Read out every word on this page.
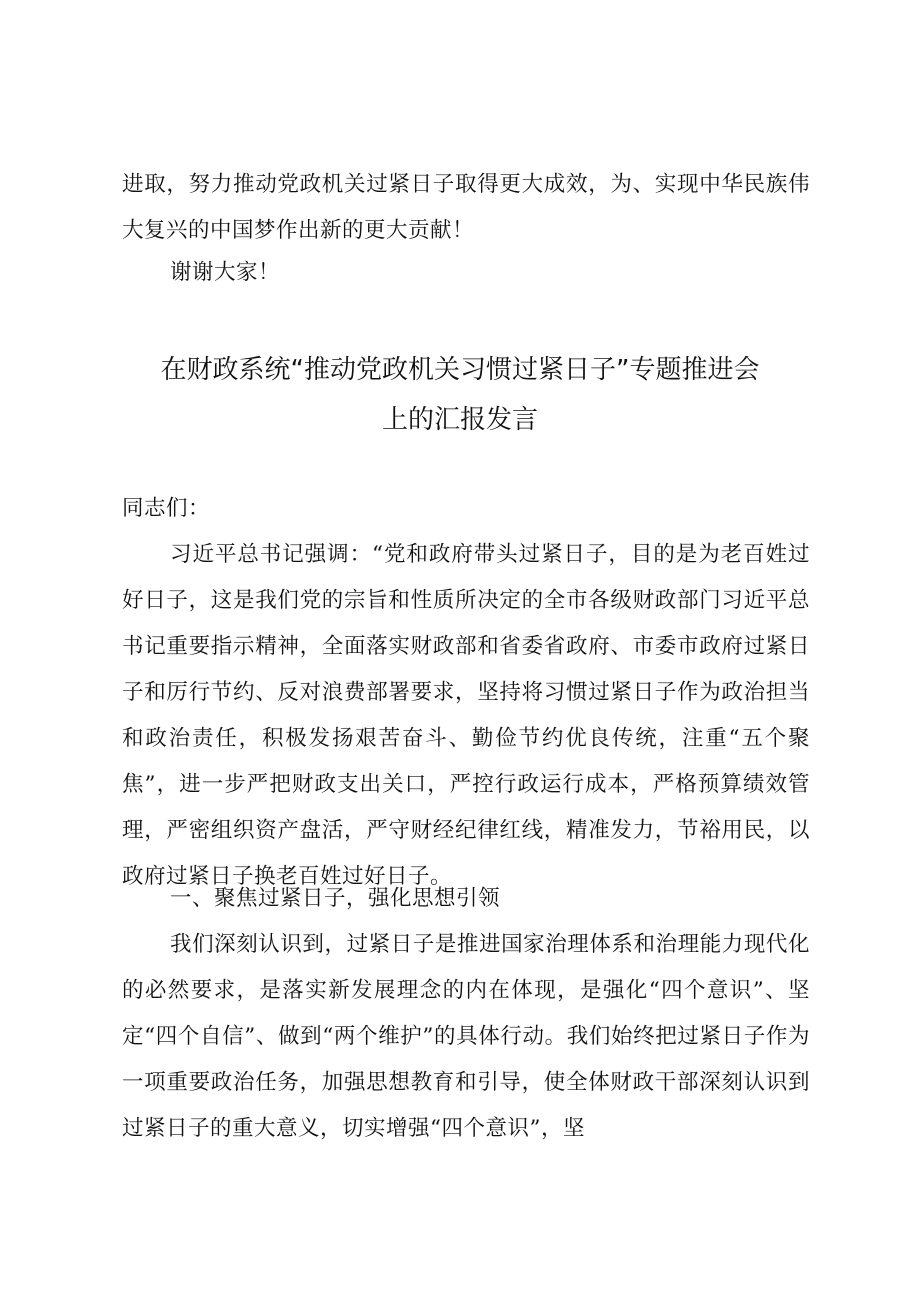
进取，努力推动党政机关过紧日子取得更大成效，为、实现中华民族伟大复兴的中国梦作出新的更大贡献！

谢谢大家！

在财政系统“推动党政机关习惯过紧日子”专题推进会
上的汇报发言

同志们：

习近平总书记强调：“党和政府带头过紧日子，目的是为老百姓过好日子，这是我们党的宗旨和性质所决定的全市各级财政部门习近平总书记重要指示精神，全面落实财政部和省委省政府、市委市政府过紧日子和厉行节约、反对浪费部署要求，坚持将习惯过紧日子作为政治担当和政治责任，积极发扬艰苦奋斗、勤俭节约优良传统，注重“五个聚焦”，进一步严把财政支出关口，严控行政运行成本，严格预算绩效管理，严密组织资产盘活，严守财经纪律红线，精准发力，节裕用民，以政府过紧日子换老百姓过好日子。

一、聚焦过紧日子，强化思想引领

我们深刻认识到，过紧日子是推进国家治理体系和治理能力现代化的必然要求，是落实新发展理念的内在体现，是强化“四个意识”、坚定“四个自信”、做到“两个维护”的具体行动。我们始终把过紧日子作为一项重要政治任务，加强思想教育和引导，使全体财政干部深刻认识到过紧日子的重大意义，切实增强“四个意识”，坚
